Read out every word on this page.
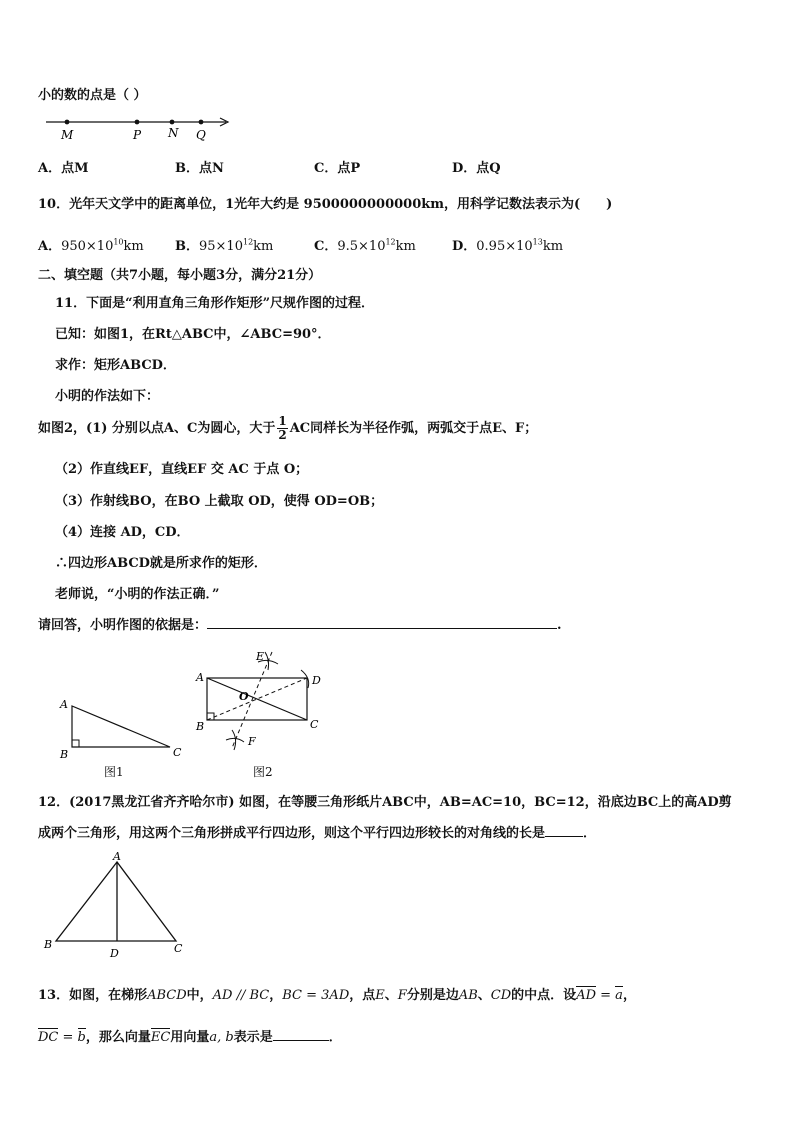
小的数的点是（ ）
M	P N Q
A．点M	B．点N	C．点P	D．点Q
10．光年天文学中的距离单位，1光年大约是 9500000000000km，用科学记数法表示为(　　)
A．$950\times 10^{10}km$ B．$95\times 10^{12}km$	C．$9.5\times 10^{12}km$	D．$0.95\times 10^{13}km$
二、填空题（共7小题，每小题3分，满分21分）
11．下面是“利用直角三角形作矩形”尺规作图的过程．
已知：如图1，在Rt△ABC中，∠ABC=90°．
求作：矩形ABCD．
小明的作法如下：
如图2，(1) 分别以点A、C为圆心，大于 $\frac{1}{2}$ AC同样长为半径作弧，两弧交于点E、F；
（2）作直线EF，直线EF 交 AC 于点 O；
（3）作射线BO，在BO 上截取 OD，使得 OD=OB；
（4）连接 AD，CD．
∴四边形ABCD就是所求作的矩形．
老师说，“小明的作法正确．”
请回答，小明作图的依据是：	.
A
B	C
图1
A
B	C
D
E
F
O
图2
12．(2017黑龙江省齐齐哈尔市) 如图，在等腰三角形纸片ABC中，AB=AC=10，BC=12，沿底边BC上的高AD剪
成两个三角形，用这两个三角形拼成平行四边形，则这个平行四边形较长的对角线的长是	．
A
B	C
D
13．如图，在梯形ABCD中，AD // BC，BC = 3AD，点E、F分别是边AB、CD的中点．设AD = a，
DC = b，那么向量EC用向量a, b表示是	．
